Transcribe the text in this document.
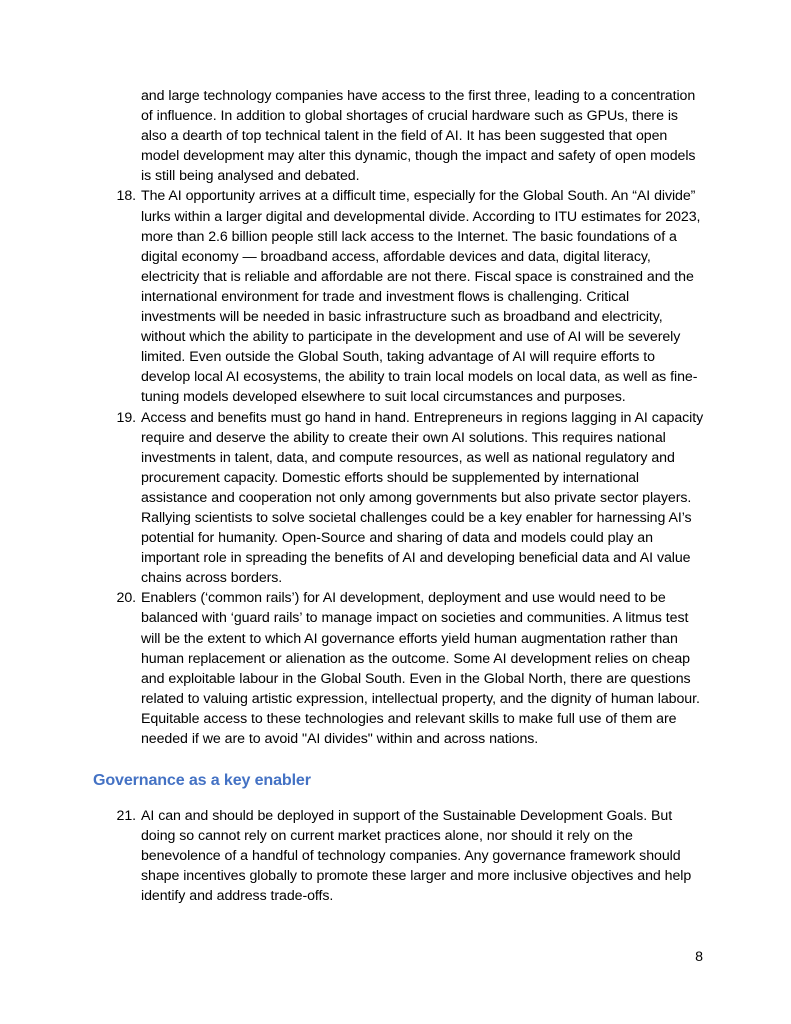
and large technology companies have access to the first three, leading to a concentration of influence. In addition to global shortages of crucial hardware such as GPUs, there is also a dearth of top technical talent in the field of AI. It has been suggested that open model development may alter this dynamic, though the impact and safety of open models is still being analysed and debated.

18. The AI opportunity arrives at a difficult time, especially for the Global South. An “AI divide” lurks within a larger digital and developmental divide. According to ITU estimates for 2023, more than 2.6 billion people still lack access to the Internet. The basic foundations of a digital economy — broadband access, affordable devices and data, digital literacy, electricity that is reliable and affordable are not there. Fiscal space is constrained and the international environment for trade and investment flows is challenging. Critical investments will be needed in basic infrastructure such as broadband and electricity, without which the ability to participate in the development and use of AI will be severely limited. Even outside the Global South, taking advantage of AI will require efforts to develop local AI ecosystems, the ability to train local models on local data, as well as fine-tuning models developed elsewhere to suit local circumstances and purposes.
19. Access and benefits must go hand in hand. Entrepreneurs in regions lagging in AI capacity require and deserve the ability to create their own AI solutions. This requires national investments in talent, data, and compute resources, as well as national regulatory and procurement capacity. Domestic efforts should be supplemented by international assistance and cooperation not only among governments but also private sector players. Rallying scientists to solve societal challenges could be a key enabler for harnessing AI’s potential for humanity. Open-Source and sharing of data and models could play an important role in spreading the benefits of AI and developing beneficial data and AI value chains across borders.
20. Enablers (‘common rails’) for AI development, deployment and use would need to be balanced with ‘guard rails’ to manage impact on societies and communities. A litmus test will be the extent to which AI governance efforts yield human augmentation rather than human replacement or alienation as the outcome. Some AI development relies on cheap and exploitable labour in the Global South. Even in the Global North, there are questions related to valuing artistic expression, intellectual property, and the dignity of human labour. Equitable access to these technologies and relevant skills to make full use of them are needed if we are to avoid "AI divides" within and across nations.
Governance as a key enabler
21. AI can and should be deployed in support of the Sustainable Development Goals. But doing so cannot rely on current market practices alone, nor should it rely on the benevolence of a handful of technology companies. Any governance framework should shape incentives globally to promote these larger and more inclusive objectives and help identify and address trade-offs.
8
